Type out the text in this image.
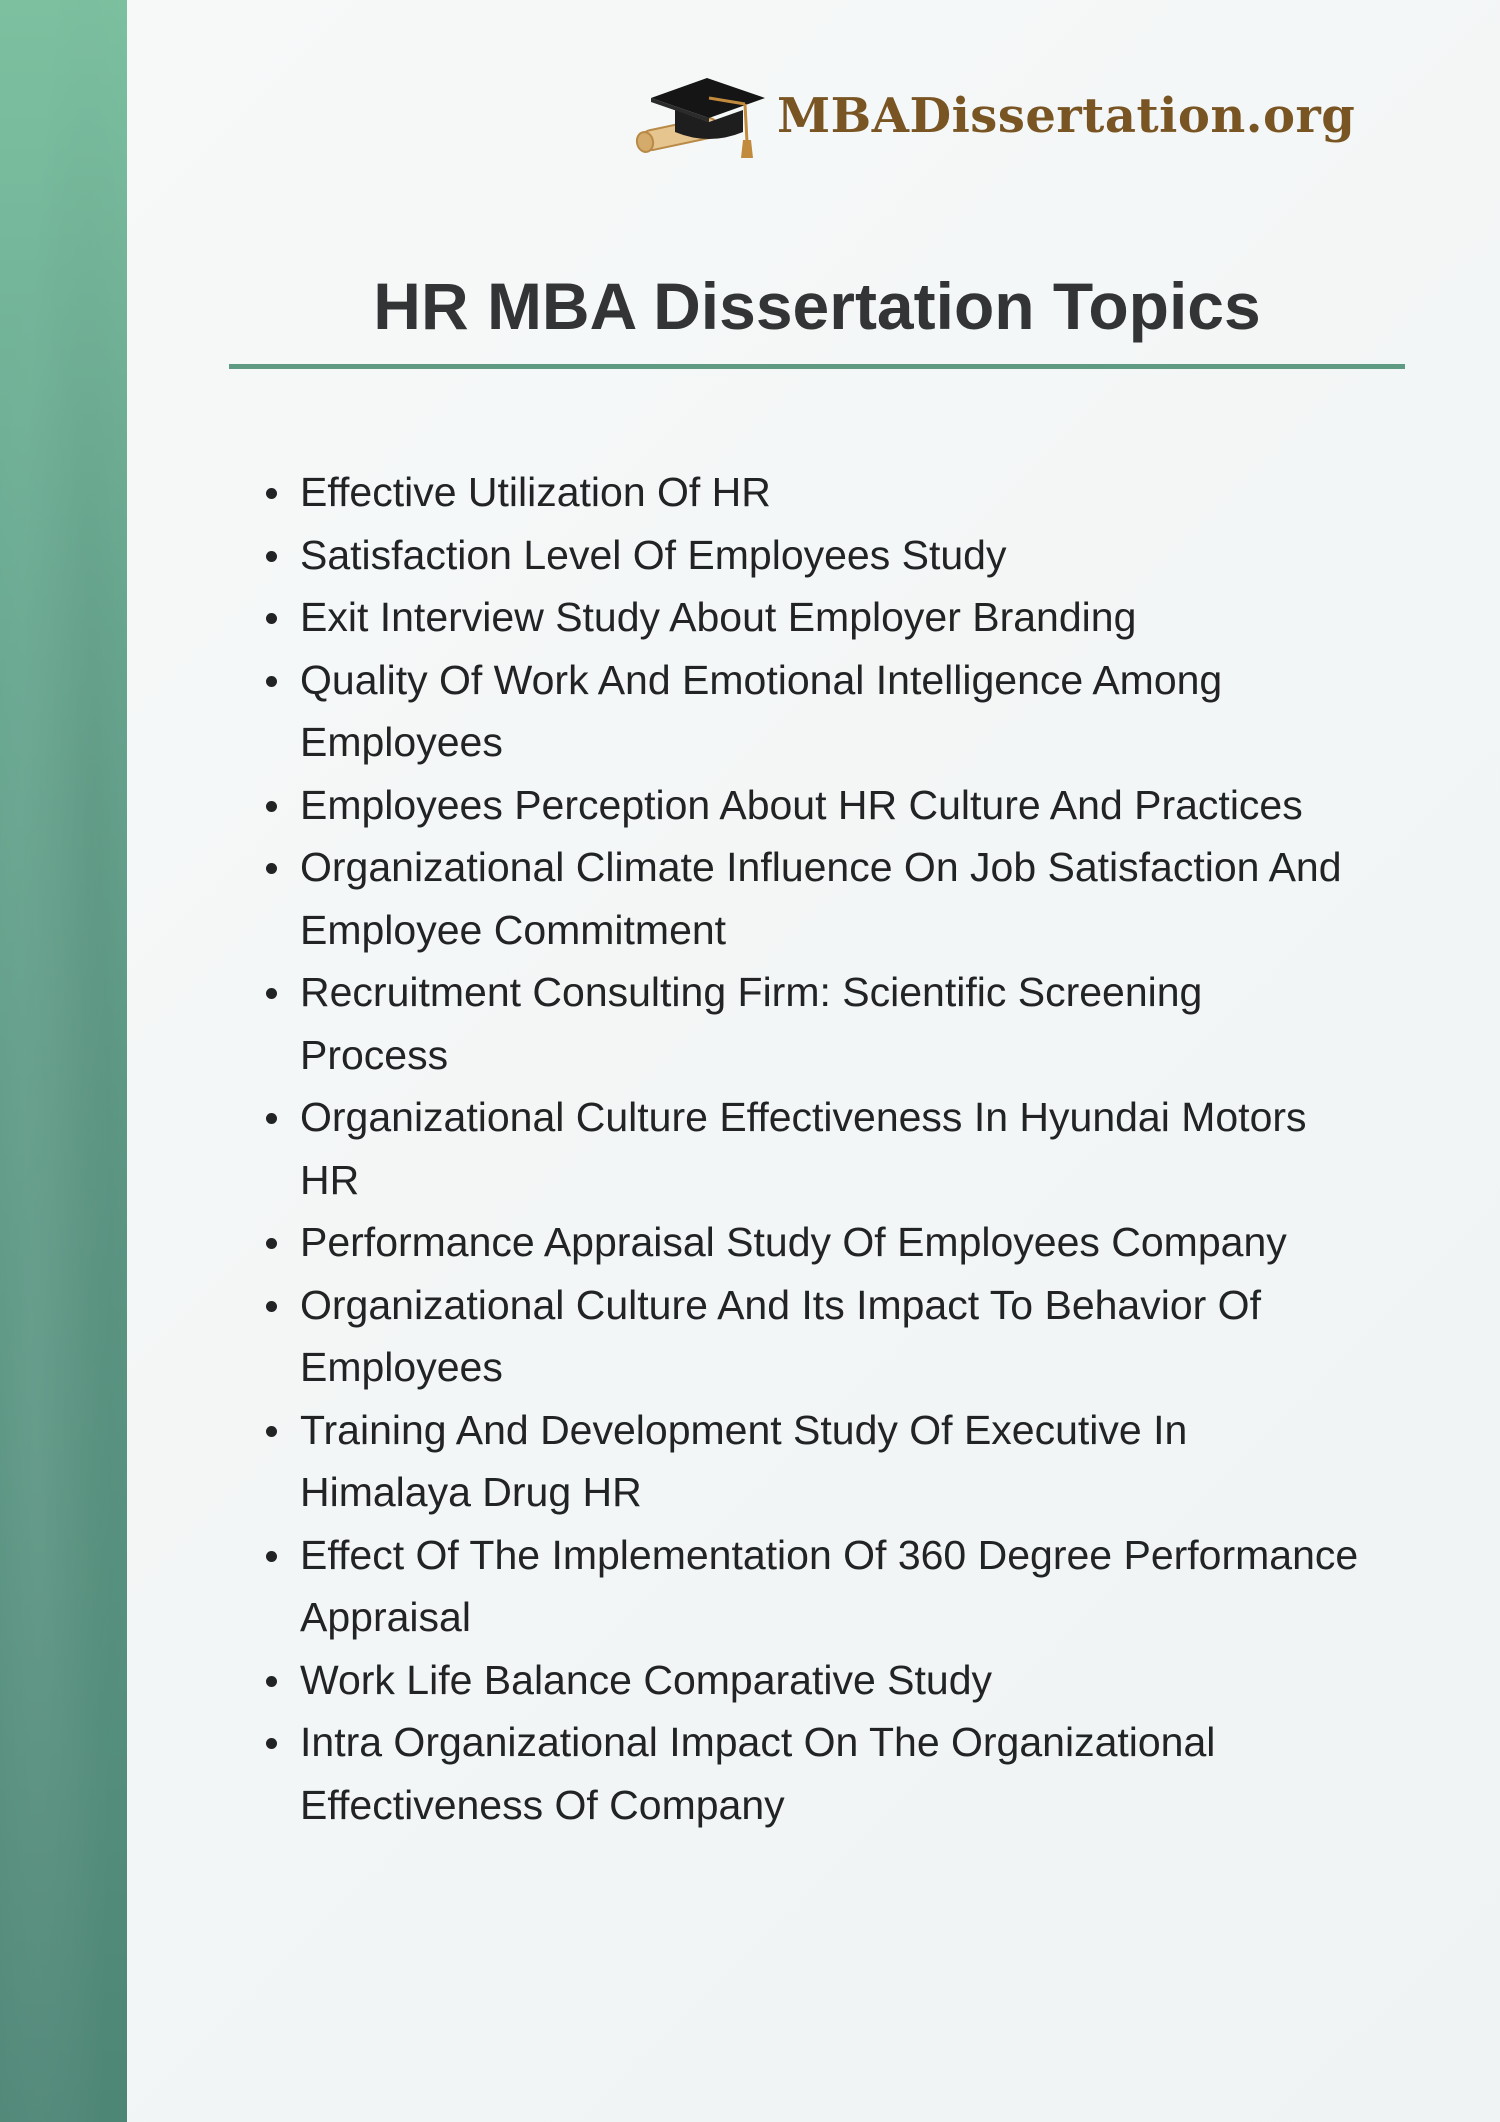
MBADissertation.org
HR MBA Dissertation Topics
Effective Utilization Of HR
Satisfaction Level Of Employees Study
Exit Interview Study About Employer Branding
Quality Of Work And Emotional Intelligence Among Employees
Employees Perception About HR Culture And Practices
Organizational Climate Influence On Job Satisfaction And Employee Commitment
Recruitment Consulting Firm: Scientific Screening Process
Organizational Culture Effectiveness In Hyundai Motors HR
Performance Appraisal Study Of Employees Company
Organizational Culture And Its Impact To Behavior Of Employees
Training And Development Study Of Executive In Himalaya Drug HR
Effect Of The Implementation Of 360 Degree Performance Appraisal
Work Life Balance Comparative Study
Intra Organizational Impact On The Organizational Effectiveness Of Company
